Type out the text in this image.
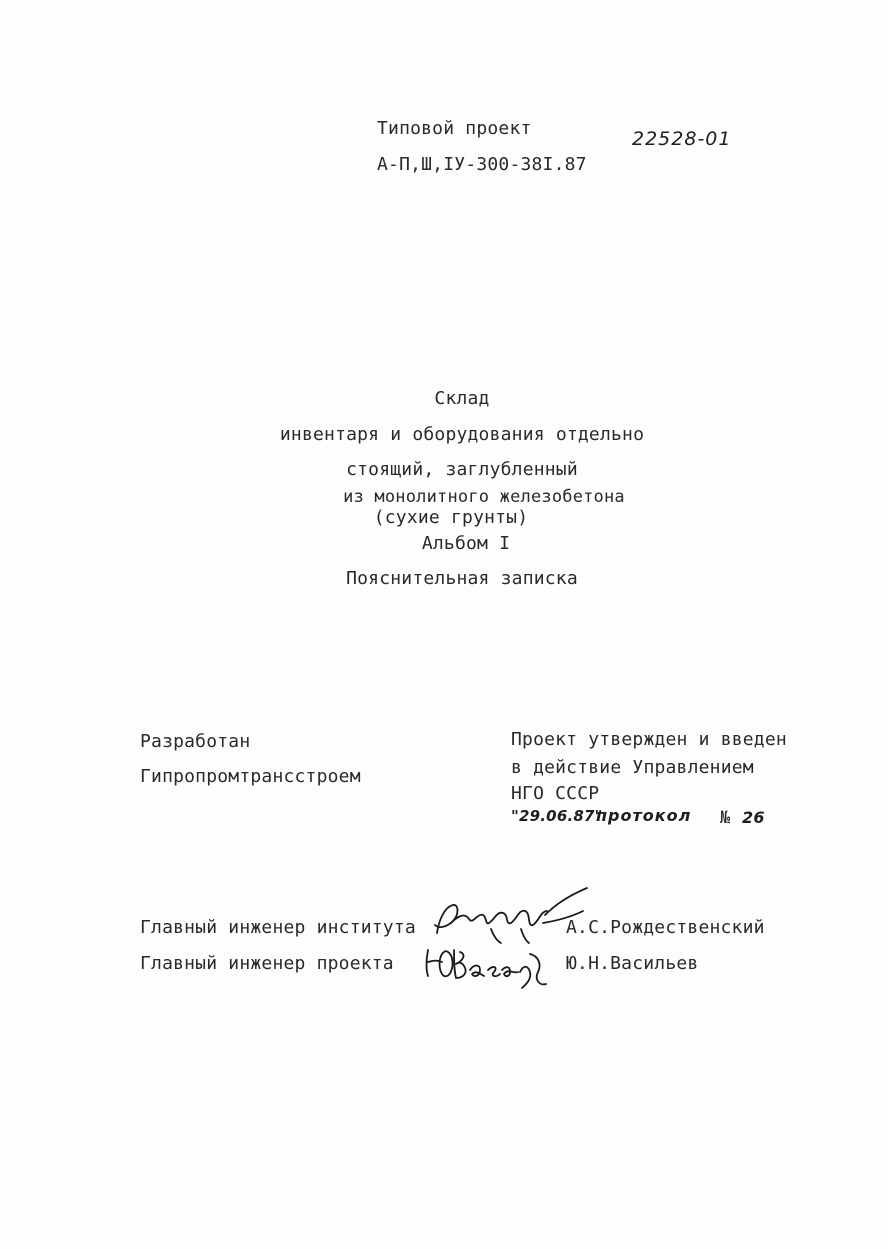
Типовой проект	22528-01
А-П,Ш,IУ-300-38I.87
Склад
инвентаря и оборудования отдельно
стоящий, заглубленный
из монолитного железобетона
(сухие грунты)
Альбом I
Пояснительная записка
Разработан
Гипропромтрансстроем
Проект утвержден и введен
в действие Управлением
НГО СССР
"29.06.87"
протокол № 26
Главный инженер института	А.С.Рождественский
Главный инженер проекта	Ю.Н.Васильев
